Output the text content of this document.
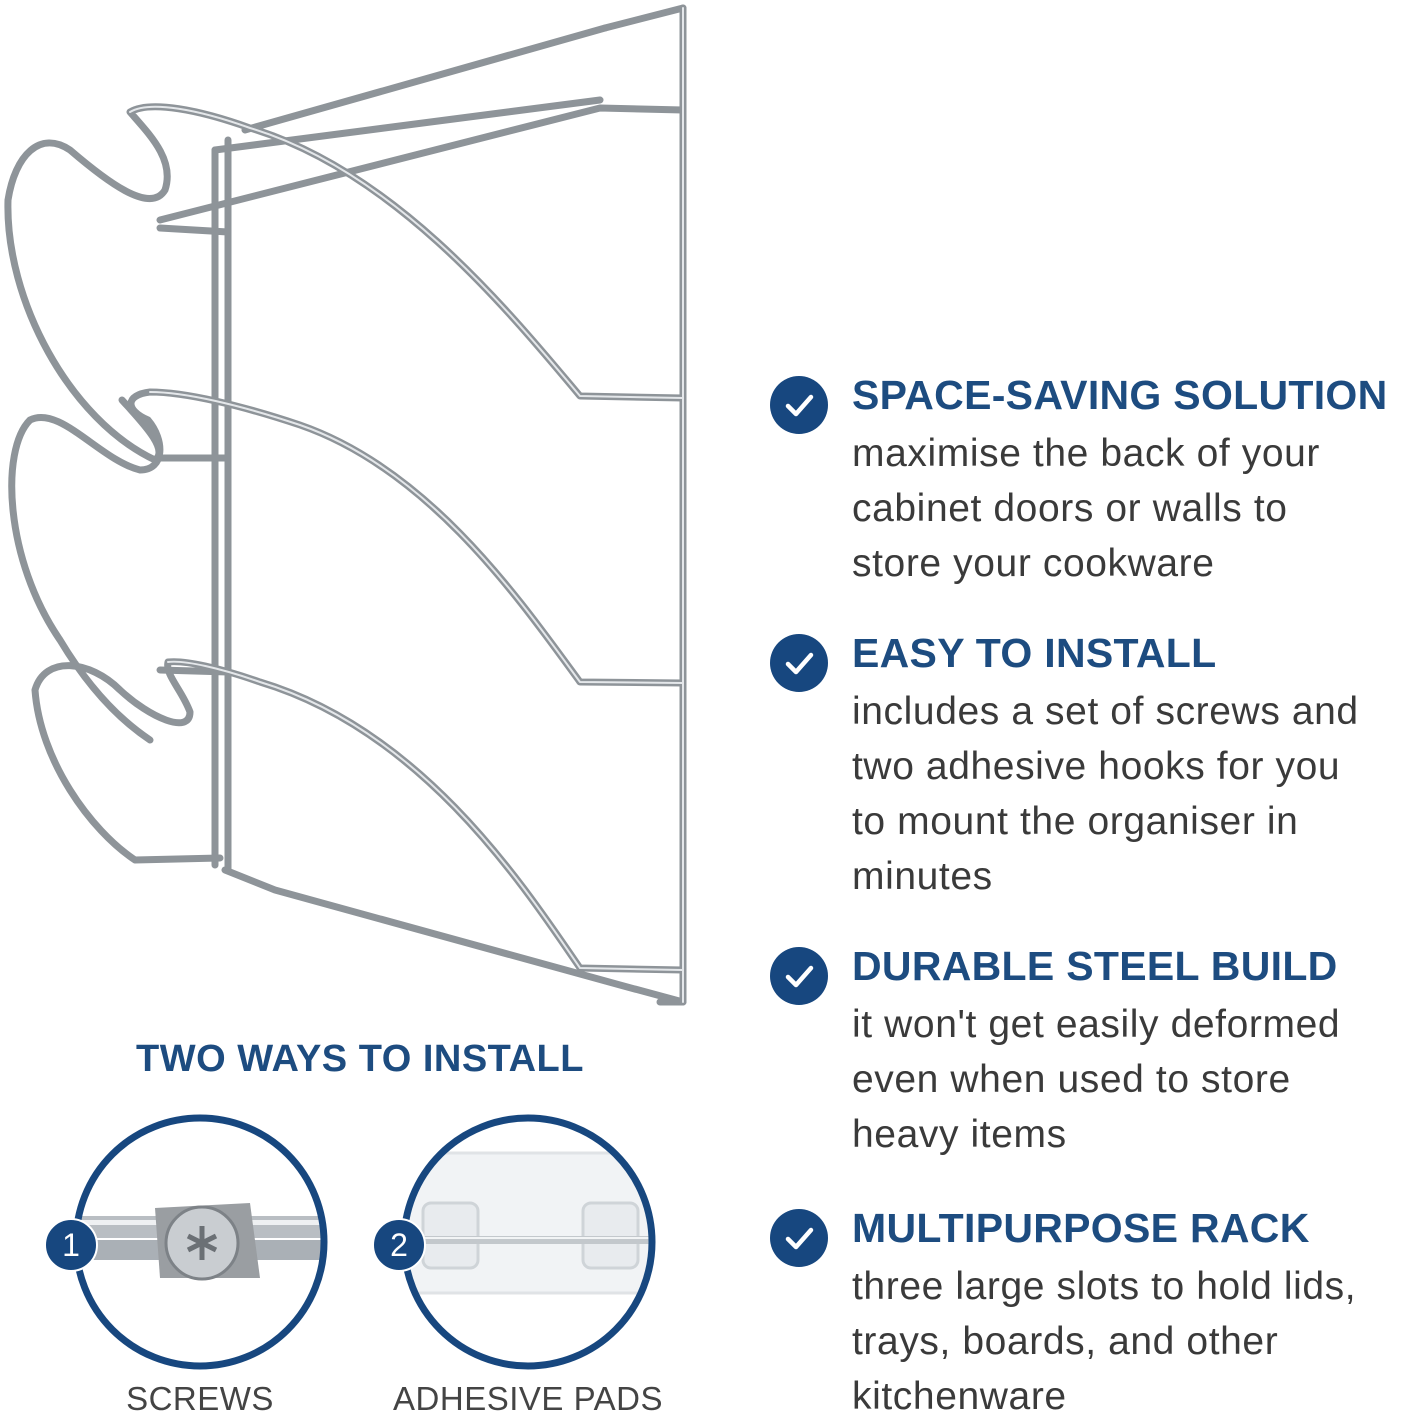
TWO WAYS TO INSTALL
1
SCREWS
2
ADHESIVE PADS
SPACE-SAVING SOLUTION
maximise the back of your
cabinet doors or walls to
store your cookware
EASY TO INSTALL
includes a set of screws and
two adhesive hooks for you
to mount the organiser in
minutes
DURABLE STEEL BUILD
it won't get easily deformed
even when used to store
heavy items
MULTIPURPOSE RACK
three large slots to hold lids,
trays, boards, and other
kitchenware
